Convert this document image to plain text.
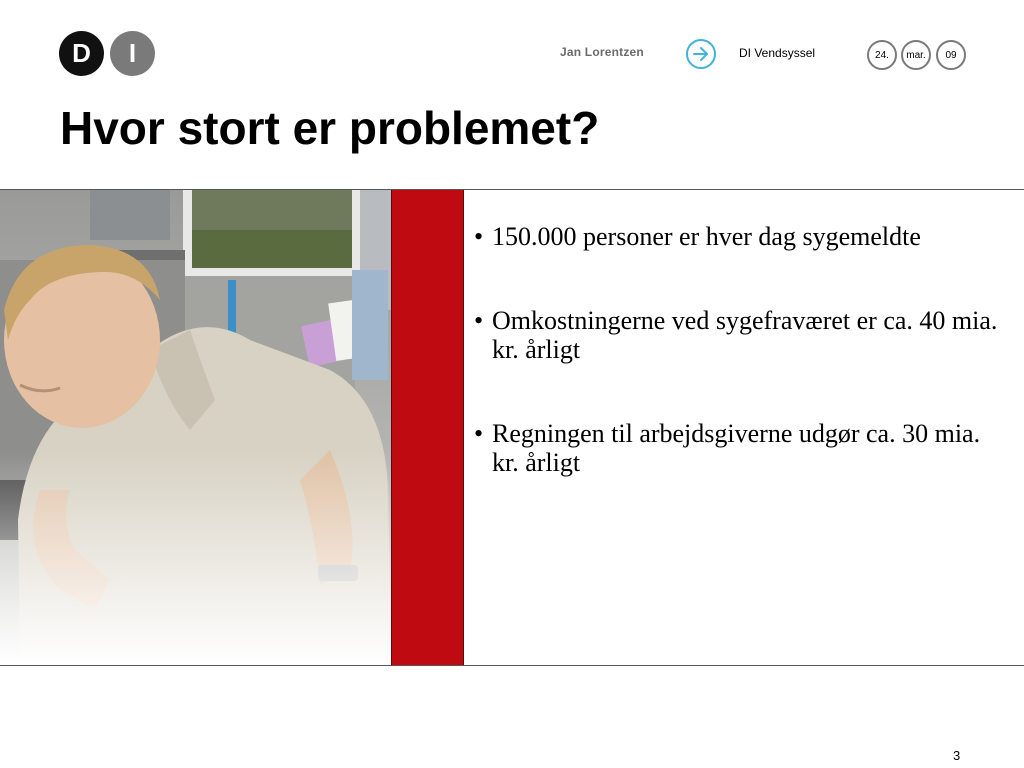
D	I	Jan Lorentzen	DI Vendsyssel	24.	mar.	09
Hvor stort er problemet?
• 150.000 personer er hver dag sygemeldte
• Omkostningerne ved sygefraværet er ca. 40 mia. kr. årligt
• Regningen til arbejdsgiverne udgør ca. 30 mia. kr. årligt
3
